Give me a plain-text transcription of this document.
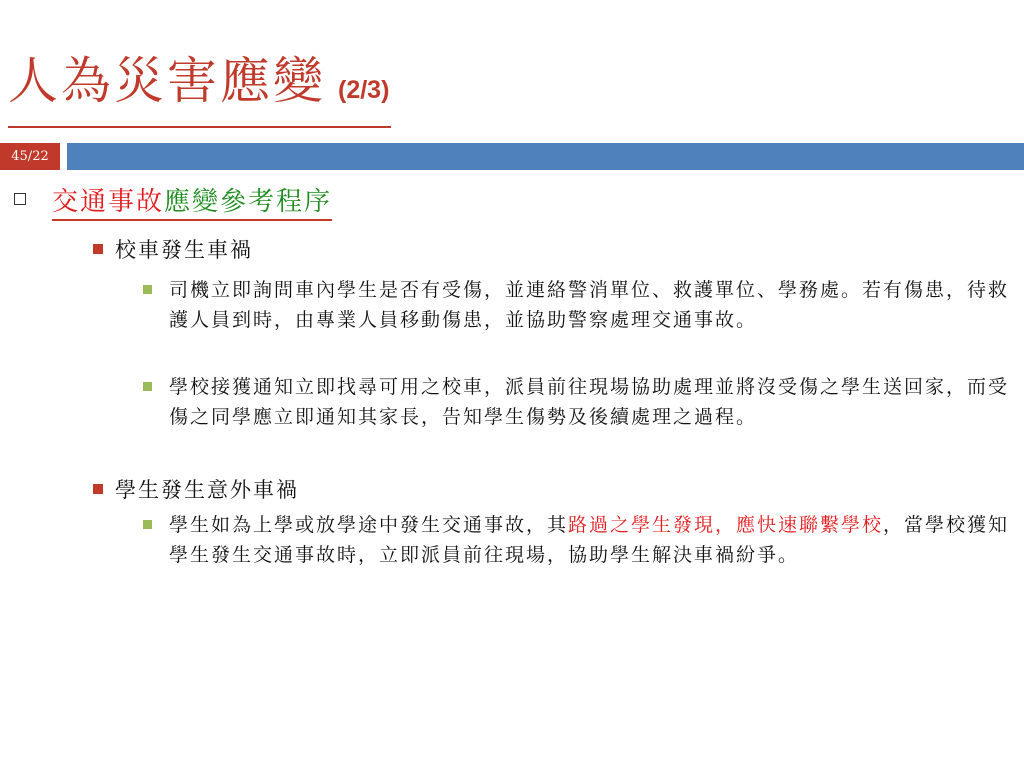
人為災害應變 (2/3)
45/22
交通事故應變參考程序
校車發生車禍
司機立即詢問車內學生是否有受傷，並連絡警消單位、救護單位、學務處。若有傷患，待救護人員到時，由專業人員移動傷患，並協助警察處理交通事故。
學校接獲通知立即找尋可用之校車，派員前往現場協助處理並將沒受傷之學生送回家，而受傷之同學應立即通知其家長，告知學生傷勢及後續處理之過程。
學生發生意外車禍
學生如為上學或放學途中發生交通事故，其路過之學生發現，應快速聯繫學校，當學校獲知學生發生交通事故時，立即派員前往現場，協助學生解決車禍紛爭。
